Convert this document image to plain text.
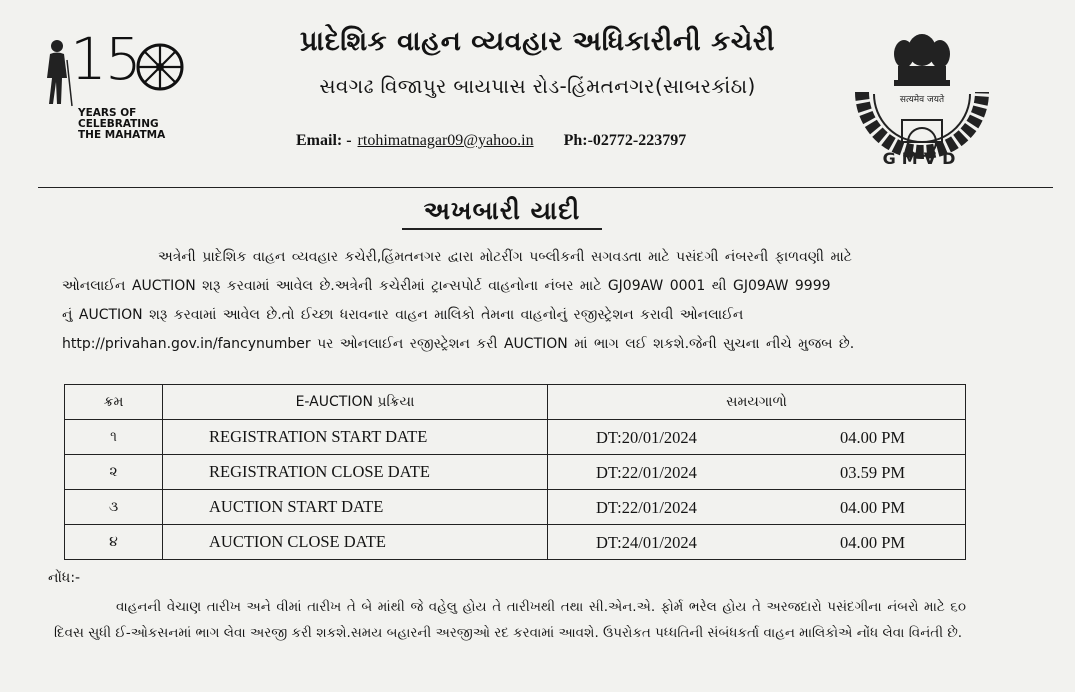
15
YEARS OF
CELEBRATING
THE MAHATMA
सत्यमेव जयते
GMVD
પ્રાદેશિક વાહન વ્યવહાર અધિકારીની કચેરી
સવગઢ વિજાપુર બાયપાસ રોડ-હિંમતનગર(સાબરકાંઠા)
Email: - rtohimatnagar09@yahoo.in Ph:-02772-223797
અખબારી યાદી
અત્રેની પ્રાદેશિક વાહન વ્યવહાર કચેરી,હિંમતનગર દ્વારા મોટરીંગ પબ્લીકની સગવડતા માટે પસંદગી નંબરની ફાળવણી માટે
ઓનલાઈન AUCTION શરૂ કરવામાં આવેલ છે.અત્રેની કચેરીમાં ટ્રાન્સપોર્ટ વાહનોના નંબર માટે GJ09AW 0001 થી GJ09AW 9999
નું AUCTION શરૂ કરવામાં આવેલ છે.તો ઈચ્છા ધરાવનાર વાહન માલિકો તેમના વાહનોનું રજીસ્ટ્રેશન કરાવી ઓનલાઈન
http://privahan.gov.in/fancynumber પર ઓનલાઈન રજીસ્ટ્રેશન કરી AUCTION માં ભાગ લઈ શકશે.જેની સુચના નીચે મુજબ છે.
ક્રમ	E-AUCTION પ્રક્રિયા	સમયગાળો
૧	REGISTRATION START DATE	DT:20/01/2024 04.00 PM

૨	REGISTRATION CLOSE DATE	DT:22/01/2024 03.59 PM

૩	AUCTION START DATE	DT:22/01/2024 04.00 PM

૪	AUCTION CLOSE DATE	DT:24/01/2024 04.00 PM
નોંધ:-
વાહનની વેચાણ તારીખ અને વીમાં તારીખ તે બે માંથી જે વહેલુ હોય તે તારીખથી તથા સી.એન.એ. ફોર્મ ભરેલ હોય તે અરજદારો પસંદગીના નંબરો માટે ૬૦ દિવસ સુધી ઈ-ઓકસનમાં ભાગ લેવા અરજી કરી શકશે.સમય બહારની અરજીઓ રદ કરવામાં આવશે. ઉપરોકત પધ્ધતિની સંબંધકર્તા વાહન માલિકોએ નોંધ લેવા વિનંતી છે.
